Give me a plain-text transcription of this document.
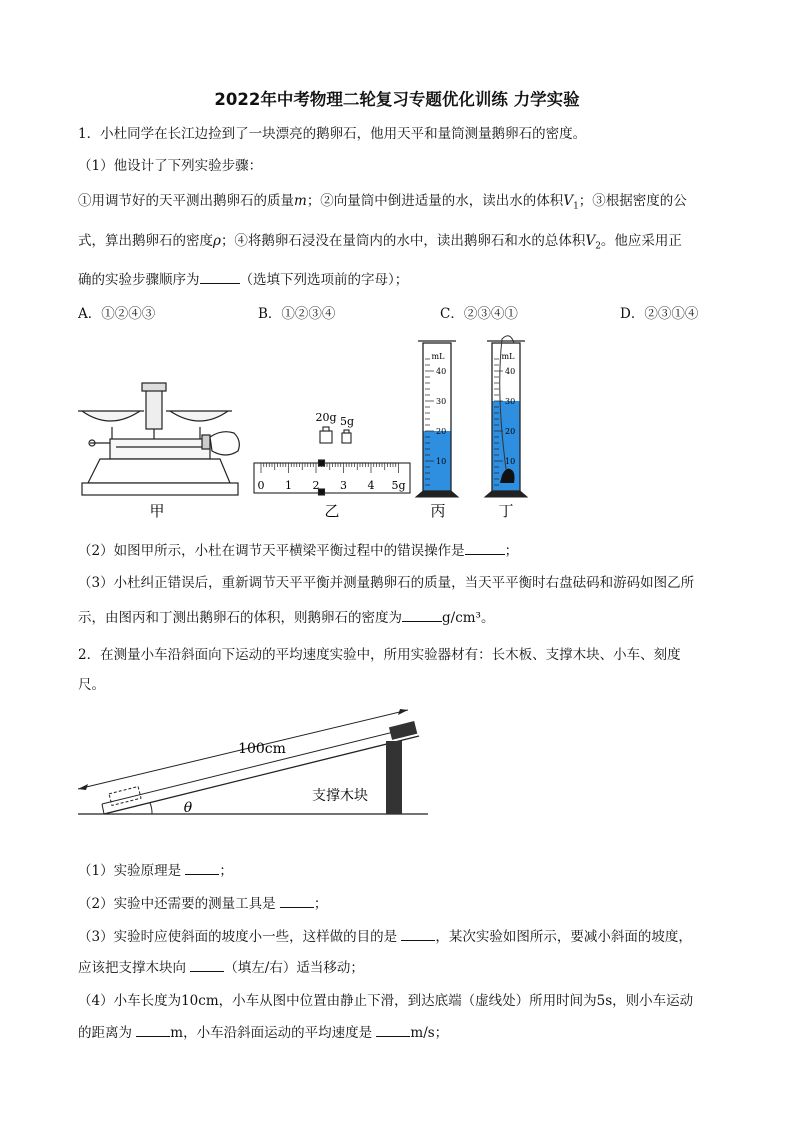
2022年中考物理二轮复习专题优化训练 力学实验
1．小杜同学在长江边捡到了一块漂亮的鹅卵石，他用天平和量筒测量鹅卵石的密度。
（1）他设计了下列实验步骤：
①用调节好的天平测出鹅卵石的质量m；②向量筒中倒进适量的水，读出水的体积$V_1$；③根据密度的公
式，算出鹅卵石的密度ρ；④将鹅卵石浸没在量筒内的水中，读出鹅卵石和水的总体积$V_2$。他应采用正
确的实验步骤顺序为	（选填下列选项前的字母）；
A．①②④③	B．①②③④	C．②③④①	D．②③①④
甲
20g 5g
0 1 2 3 4 5g
乙
40
30
20
10
mL
丙
40
30
20
10
mL
丁
（2）如图甲所示，小杜在调节天平横梁平衡过程中的错误操作是	；
（3）小杜纠正错误后，重新调节天平平衡并测量鹅卵石的质量，当天平平衡时右盘砝码和游码如图乙所
示，由图丙和丁测出鹅卵石的体积，则鹅卵石的密度为	g/cm³。
2．在测量小车沿斜面向下运动的平均速度实验中，所用实验器材有：长木板、支撑木块、小车、刻度
尺。
100cm
支撑木块
θ
（1）实验原理是	；
（2）实验中还需要的测量工具是	；
（3）实验时应使斜面的坡度小一些，这样做的目的是	，某次实验如图所示，要减小斜面的坡度，
应该把支撑木块向	（填左/右）适当移动；
（4）小车长度为10cm，小车从图中位置由静止下滑，到达底端（虚线处）所用时间为5s，则小车运动
的距离为	m，小车沿斜面运动的平均速度是	m/s；
